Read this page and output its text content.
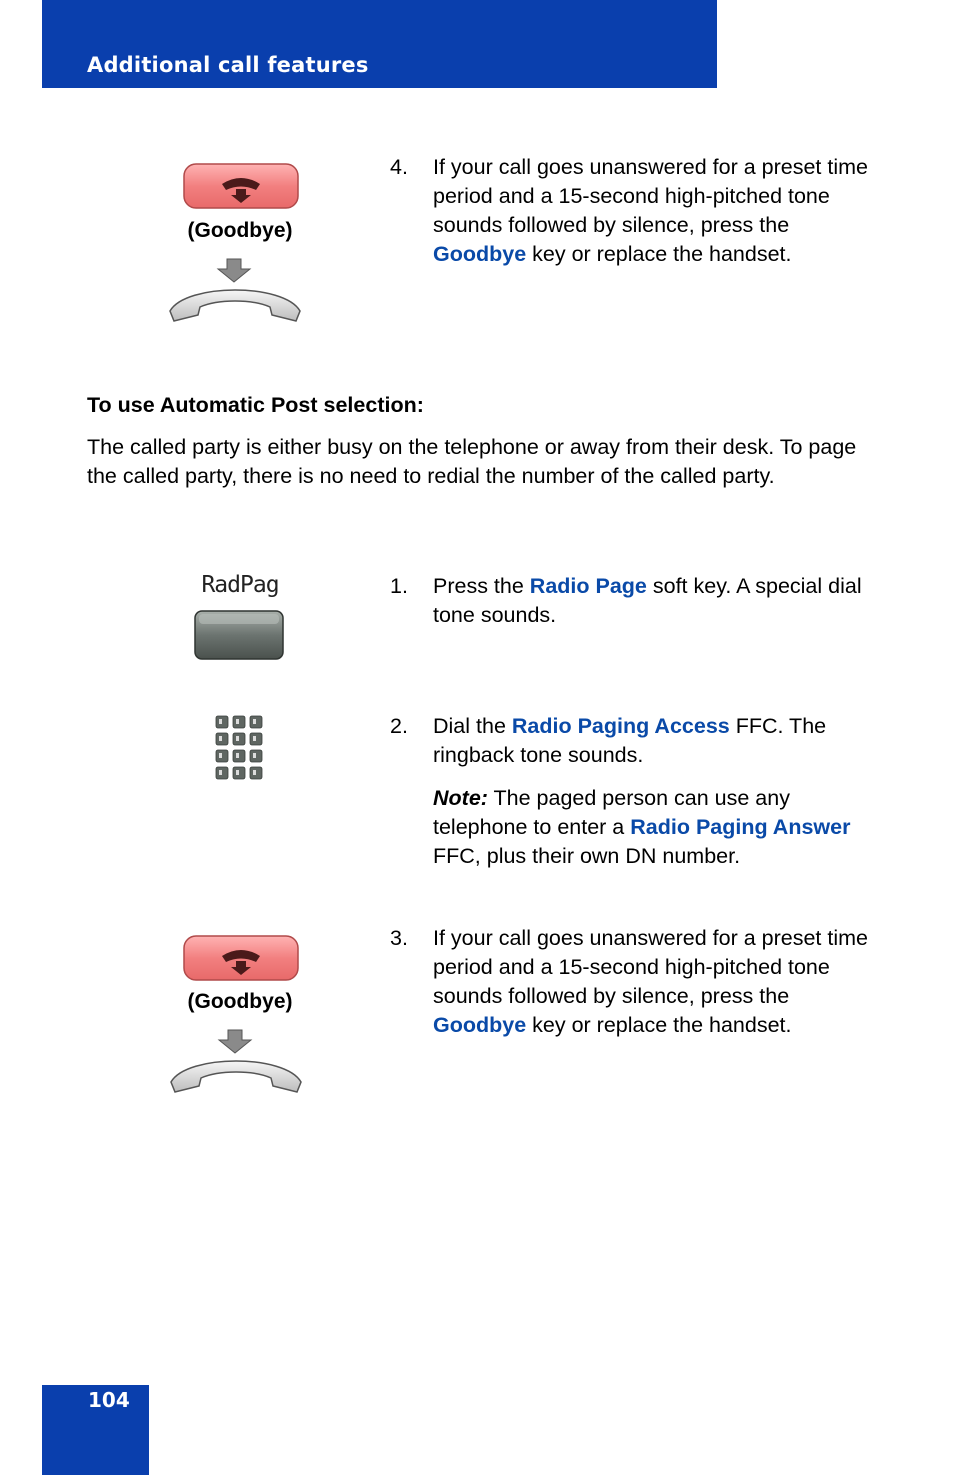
Additional call features
(Goodbye)
4. If your call goes unanswered for a preset time period and a 15-second high-pitched tone sounds followed by silence, press the Goodbye key or replace the handset.
To use Automatic Post selection:
The called party is either busy on the telephone or away from their desk. To page the called party, there is no need to redial the number of the called party.
RadPag	1. Press the Radio Page soft key. A special dial tone sounds.
2. Dial the Radio Paging Access FFC. The ringback tone sounds.
Note: The paged person can use any telephone to enter a Radio Paging Answer FFC, plus their own DN number.
(Goodbye)
3. If your call goes unanswered for a preset time period and a 15-second high-pitched tone sounds followed by silence, press the Goodbye key or replace the handset.
104
